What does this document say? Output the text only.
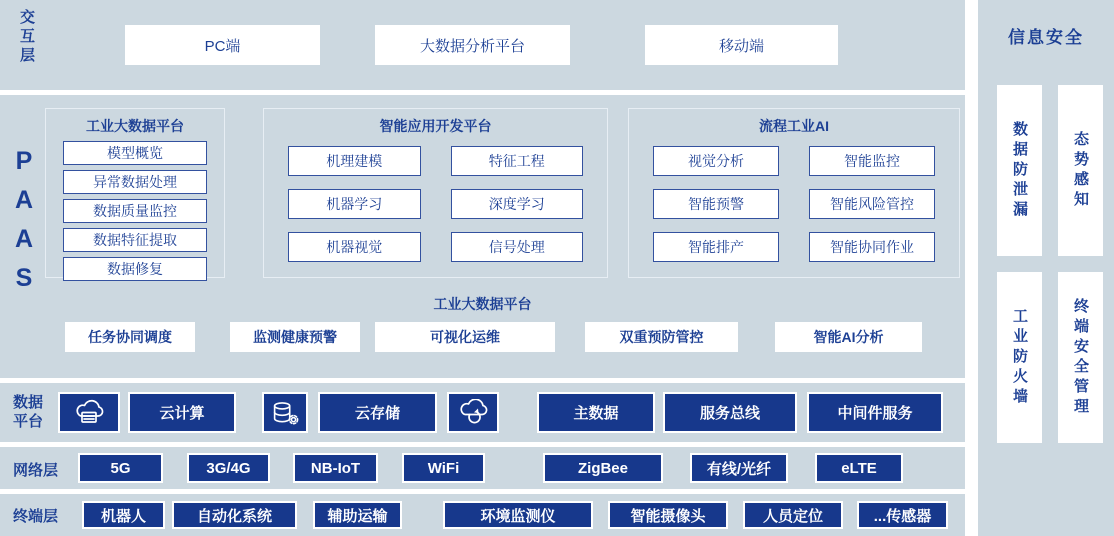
交互层	PC端	大数据分析平台	移动端
PAAS
工业大数据平台
模型概览
异常数据处理
数据质量监控
数据特征提取
数据修复
智能应用开发平台
机理建模	特征工程
机器学习	深度学习
机器视觉	信号处理
流程工业AI
视觉分析	智能监控
智能预警	智能风险管控
智能排产	智能协同作业
工业大数据平台
任务协同调度	监测健康预警	可视化运维	双重预防管控	智能AI分析
数据平台	云计算	云存储	主数据	服务总线	中间件服务
网络层	5G	3G/4G	NB-IoT	WiFi	ZigBee	有线/光纤	eLTE
终端层	机器人	自动化系统	辅助运输	环境监测仪	智能摄像头	人员定位	...传感器
信息安全
数据防泄漏	态势感知
工业防火墙	终端安全管理
